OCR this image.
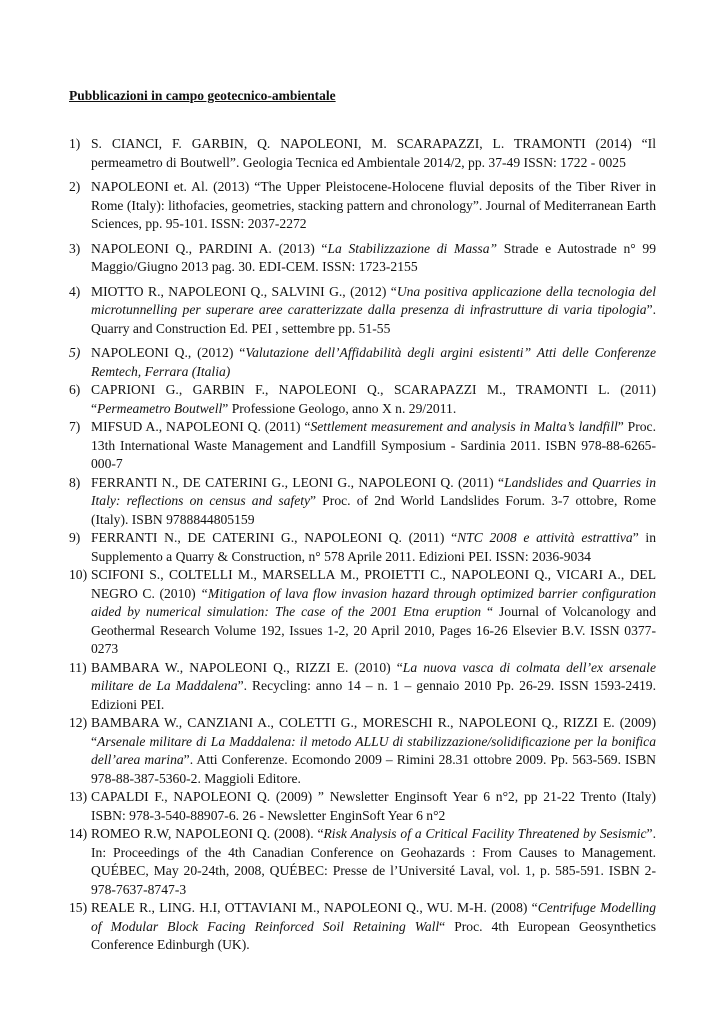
Pubblicazioni in campo geotecnico-ambientale
1) S. CIANCI, F. GARBIN, Q. NAPOLEONI, M. SCARAPAZZI, L. TRAMONTI (2014) “Il permeametro di Boutwell”. Geologia Tecnica ed Ambientale 2014/2, pp. 37-49 ISSN: 1722 - 0025
2) NAPOLEONI et. Al. (2013) “The Upper Pleistocene-Holocene fluvial deposits of the Tiber River in Rome (Italy): lithofacies, geometries, stacking pattern and chronology”. Journal of Mediterranean Earth Sciences, pp. 95-101. ISSN: 2037-2272
3) NAPOLEONI Q., PARDINI A. (2013) “La Stabilizzazione di Massa” Strade e Autostrade n° 99 Maggio/Giugno 2013 pag. 30. EDI-CEM. ISSN: 1723-2155
4) MIOTTO R., NAPOLEONI Q., SALVINI G., (2012) “Una positiva applicazione della tecnologia del microtunnelling per superare aree caratterizzate dalla presenza di infrastrutture di varia tipologia”. Quarry and Construction Ed. PEI , settembre pp. 51-55
5) NAPOLEONI Q., (2012) “Valutazione dell’Affidabilità degli argini esistenti” Atti delle Conferenze Remtech, Ferrara (Italia)
6) CAPRIONI G., GARBIN F., NAPOLEONI Q., SCARAPAZZI M., TRAMONTI L. (2011) “Permeametro Boutwell” Professione Geologo, anno X n. 29/2011.
7) MIFSUD A., NAPOLEONI Q. (2011) “Settlement measurement and analysis in Malta’s landfill” Proc. 13th International Waste Management and Landfill Symposium - Sardinia 2011. ISBN 978-88-6265-000-7
8) FERRANTI N., DE CATERINI G., LEONI G., NAPOLEONI Q. (2011) “Landslides and Quarries in Italy: reflections on census and safety” Proc. of 2nd World Landslides Forum. 3-7 ottobre, Rome (Italy). ISBN 9788844805159
9) FERRANTI N., DE CATERINI G., NAPOLEONI Q. (2011) “NTC 2008 e attività estrattiva” in Supplemento a Quarry & Construction, n° 578 Aprile 2011. Edizioni PEI. ISSN: 2036-9034
10) SCIFONI S., COLTELLI M., MARSELLA M., PROIETTI C., NAPOLEONI Q., VICARI A., DEL NEGRO C. (2010) “Mitigation of lava flow invasion hazard through optimized barrier configuration aided by numerical simulation: The case of the 2001 Etna eruption “ Journal of Volcanology and Geothermal Research Volume 192, Issues 1-2, 20 April 2010, Pages 16-26 Elsevier B.V. ISSN 0377-0273
11) BAMBARA W., NAPOLEONI Q., RIZZI E. (2010) “La nuova vasca di colmata dell’ex arsenale militare de La Maddalena”. Recycling: anno 14 – n. 1 – gennaio 2010 Pp. 26-29. ISSN 1593-2419. Edizioni PEI.
12) BAMBARA W., CANZIANI A., COLETTI G., MORESCHI R., NAPOLEONI Q., RIZZI E. (2009) “Arsenale militare di La Maddalena: il metodo ALLU di stabilizzazione/solidificazione per la bonifica dell’area marina”. Atti Conferenze. Ecomondo 2009 – Rimini 28.31 ottobre 2009. Pp. 563-569. ISBN 978-88-387-5360-2. Maggioli Editore.
13) CAPALDI F., NAPOLEONI Q. (2009) ” Newsletter Enginsoft Year 6 n°2, pp 21-22 Trento (Italy) ISBN: 978-3-540-88907-6. 26 - Newsletter EnginSoft Year 6 n°2
14) ROMEO R.W, NAPOLEONI Q. (2008). “Risk Analysis of a Critical Facility Threatened by Sesismic”. In: Proceedings of the 4th Canadian Conference on Geohazards : From Causes to Management. QUÉBEC, May 20-24th, 2008, QUÉBEC: Presse de l’Université Laval, vol. 1, p. 585-591. ISBN 2-978-7637-8747-3
15) REALE R., LING. H.I, OTTAVIANI M., NAPOLEONI Q., WU. M-H. (2008) “Centrifuge Modelling of Modular Block Facing Reinforced Soil Retaining Wall“ Proc. 4th European Geosynthetics Conference Edinburgh (UK).
